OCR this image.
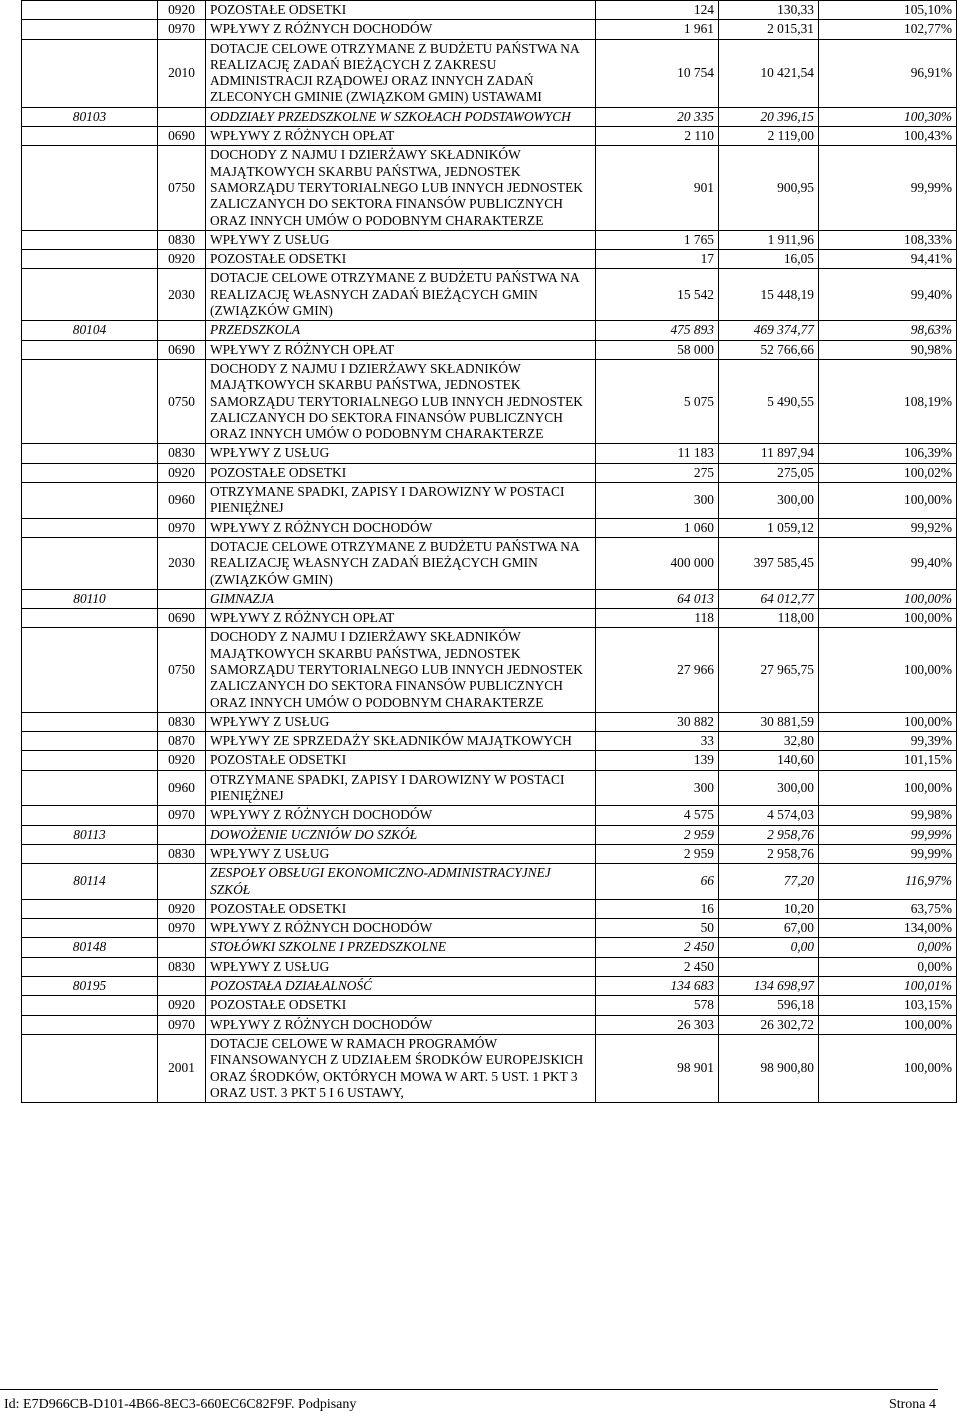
	0920	POZOSTAŁE ODSETKI	124	130,33	105,10%
	0970	WPŁYWY Z RÓŻNYCH DOCHODÓW	1 961	2 015,31	102,77%
	2010	DOTACJE CELOWE OTRZYMANE Z BUDŻETU PAŃSTWA NA REALIZACJĘ ZADAŃ BIEŻĄCYCH Z ZAKRESU ADMINISTRACJI RZĄDOWEJ ORAZ INNYCH ZADAŃ ZLECONYCH GMINIE (ZWIĄZKOM GMIN) USTAWAMI	10 754	10 421,54	96,91%
80103		ODDZIAŁY PRZEDSZKOLNE W SZKOŁACH PODSTAWOWYCH	20 335	20 396,15	100,30%
	0690	WPŁYWY Z RÓŻNYCH OPŁAT	2 110	2 119,00	100,43%
	0750	DOCHODY Z NAJMU I DZIERŻAWY SKŁADNIKÓW MAJĄTKOWYCH SKARBU PAŃSTWA, JEDNOSTEK SAMORZĄDU TERYTORIALNEGO LUB INNYCH JEDNOSTEK ZALICZANYCH DO SEKTORA FINANSÓW PUBLICZNYCH ORAZ INNYCH UMÓW O PODOBNYM CHARAKTERZE	901	900,95	99,99%
	0830	WPŁYWY Z USŁUG	1 765	1 911,96	108,33%
	0920	POZOSTAŁE ODSETKI	17	16,05	94,41%
	2030	DOTACJE CELOWE OTRZYMANE Z BUDŻETU PAŃSTWA NA REALIZACJĘ WŁASNYCH ZADAŃ BIEŻĄCYCH GMIN (ZWIĄZKÓW GMIN)	15 542	15 448,19	99,40%
80104		PRZEDSZKOLA	475 893	469 374,77	98,63%
	0690	WPŁYWY Z RÓŻNYCH OPŁAT	58 000	52 766,66	90,98%
	0750	DOCHODY Z NAJMU I DZIERŻAWY SKŁADNIKÓW MAJĄTKOWYCH SKARBU PAŃSTWA, JEDNOSTEK SAMORZĄDU TERYTORIALNEGO LUB INNYCH JEDNOSTEK ZALICZANYCH DO SEKTORA FINANSÓW PUBLICZNYCH ORAZ INNYCH UMÓW O PODOBNYM CHARAKTERZE	5 075	5 490,55	108,19%
	0830	WPŁYWY Z USŁUG	11 183	11 897,94	106,39%
	0920	POZOSTAŁE ODSETKI	275	275,05	100,02%
	0960	OTRZYMANE SPADKI, ZAPISY I DAROWIZNY W POSTACI PIENIĘŻNEJ	300	300,00	100,00%
	0970	WPŁYWY Z RÓŻNYCH DOCHODÓW	1 060	1 059,12	99,92%
	2030	DOTACJE CELOWE OTRZYMANE Z BUDŻETU PAŃSTWA NA REALIZACJĘ WŁASNYCH ZADAŃ BIEŻĄCYCH GMIN (ZWIĄZKÓW GMIN)	400 000	397 585,45	99,40%
80110		GIMNAZJA	64 013	64 012,77	100,00%
	0690	WPŁYWY Z RÓŻNYCH OPŁAT	118	118,00	100,00%
	0750	DOCHODY Z NAJMU I DZIERŻAWY SKŁADNIKÓW MAJĄTKOWYCH SKARBU PAŃSTWA, JEDNOSTEK SAMORZĄDU TERYTORIALNEGO LUB INNYCH JEDNOSTEK ZALICZANYCH DO SEKTORA FINANSÓW PUBLICZNYCH ORAZ INNYCH UMÓW O PODOBNYM CHARAKTERZE	27 966	27 965,75	100,00%
	0830	WPŁYWY Z USŁUG	30 882	30 881,59	100,00%
	0870	WPŁYWY ZE SPRZEDAŻY SKŁADNIKÓW MAJĄTKOWYCH	33	32,80	99,39%
	0920	POZOSTAŁE ODSETKI	139	140,60	101,15%
	0960	OTRZYMANE SPADKI, ZAPISY I DAROWIZNY W POSTACI PIENIĘŻNEJ	300	300,00	100,00%
	0970	WPŁYWY Z RÓŻNYCH DOCHODÓW	4 575	4 574,03	99,98%
80113		DOWOŻENIE UCZNIÓW DO SZKÓŁ	2 959	2 958,76	99,99%
	0830	WPŁYWY Z USŁUG	2 959	2 958,76	99,99%
80114		ZESPOŁY OBSŁUGI EKONOMICZNO-ADMINISTRACYJNEJ SZKÓŁ	66	77,20	116,97%
	0920	POZOSTAŁE ODSETKI	16	10,20	63,75%
	0970	WPŁYWY Z RÓŻNYCH DOCHODÓW	50	67,00	134,00%
80148		STOŁÓWKI SZKOLNE I PRZEDSZKOLNE	2 450	0,00	0,00%
	0830	WPŁYWY Z USŁUG	2 450		0,00%
80195		POZOSTAŁA DZIAŁALNOŚĆ	134 683	134 698,97	100,01%
	0920	POZOSTAŁE ODSETKI	578	596,18	103,15%
	0970	WPŁYWY Z RÓŻNYCH DOCHODÓW	26 303	26 302,72	100,00%
	2001	DOTACJE CELOWE W RAMACH PROGRAMÓW FINANSOWANYCH Z UDZIAŁEM ŚRODKÓW EUROPEJSKICH ORAZ ŚRODKÓW, OKTÓRYCH MOWA W ART. 5 UST. 1 PKT 3 ORAZ UST. 3 PKT 5 I 6 USTAWY,	98 901	98 900,80	100,00%
Id: E7D966CB-D101-4B66-8EC3-660EC6C82F9F. Podpisany	Strona 4
